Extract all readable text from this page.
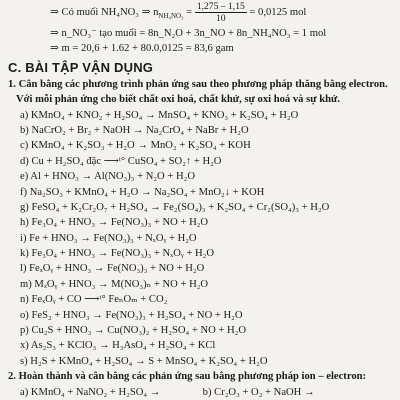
⇒ Có muối NH₄NO₃ ⇒ $n_{NH_4NO_3} = \frac{1,275 - 1,15}{10} = 0,0125$ mol
⇒ n_NO₃⁻ tạo muối = 8n_N₂O + 3n_NO + 8n_NH₄NO₃ = 1 mol
⇒ m = 20,6 + 1.62 + 80.0,0125 = 83,6 gam
C. BÀI TẬP VẬN DỤNG
1. Cân bằng các phương trình phản ứng sau theo phương pháp thăng bằng electron.
Với mỗi phản ứng cho biết chất oxi hoá, chất khử, sự oxi hoá và sự khử.
a) KMnO₄ + KNO₂ + H₂SO₄ → MnSO₄ + KNO₃ + K₂SO₄ + H₂O
b) NaCrO₂ + Br₂ + NaOH → Na₂CrO₄ + NaBr + H₂O
c) KMnO₄ + K₂SO₃ + H₂O → MnO₂ + K₂SO₄ + KOH
d) Cu + H₂SO₄ đặc ⟶ᵗ° CuSO₄ + SO₂↑ + H₂O
e) Al + HNO₃ → Al(NO₃)₃ + N₂O + H₂O
f) Na₂SO₃ + KMnO₄ + H₂O → Na₂SO₄ + MnO₂↓ + KOH
g) FeSO₄ + K₂Cr₂O₇ + H₂SO₄ → Fe₂(SO₄)₃ + K₂SO₄ + Cr₂(SO₄)₃ + H₂O
h) Fe₃O₄ + HNO₃ → Fe(NO₃)₃ + NO + H₂O
i) Fe + HNO₃ → Fe(NO₃)₃ + NₓOᵧ + H₂O
k) Fe₃O₄ + HNO₃ → Fe(NO₃)₃ + NₓOᵧ + H₂O
l) FeₓOᵧ + HNO₃ → Fe(NO₃)₃ + NO + H₂O
m) MₓOᵧ + HNO₃ → M(NO₃)ₙ + NO + H₂O
n) FeₓOᵧ + CO ⟶ᵗ° FeₙOₘ + CO₂
o) FeS₂ + HNO₃ → Fe(NO₃)₃ + H₂SO₄ + NO + H₂O
p) Cu₂S + HNO₃ → Cu(NO₃)₂ + H₂SO₄ + NO + H₂O
x) As₂S₃ + KClO₃ → H₃AsO₄ + H₂SO₄ + KCl
s) H₂S + KMnO₄ + H₂SO₄ → S + MnSO₄ + K₂SO₄ + H₂O
2. Hoàn thành và cân bằng các phản ứng sau bằng phương pháp ion – electron:
a) KMnO₄ + NaNO₂ + H₂SO₄ →                b) Cr₂O₃ + O₂ + NaOH →
